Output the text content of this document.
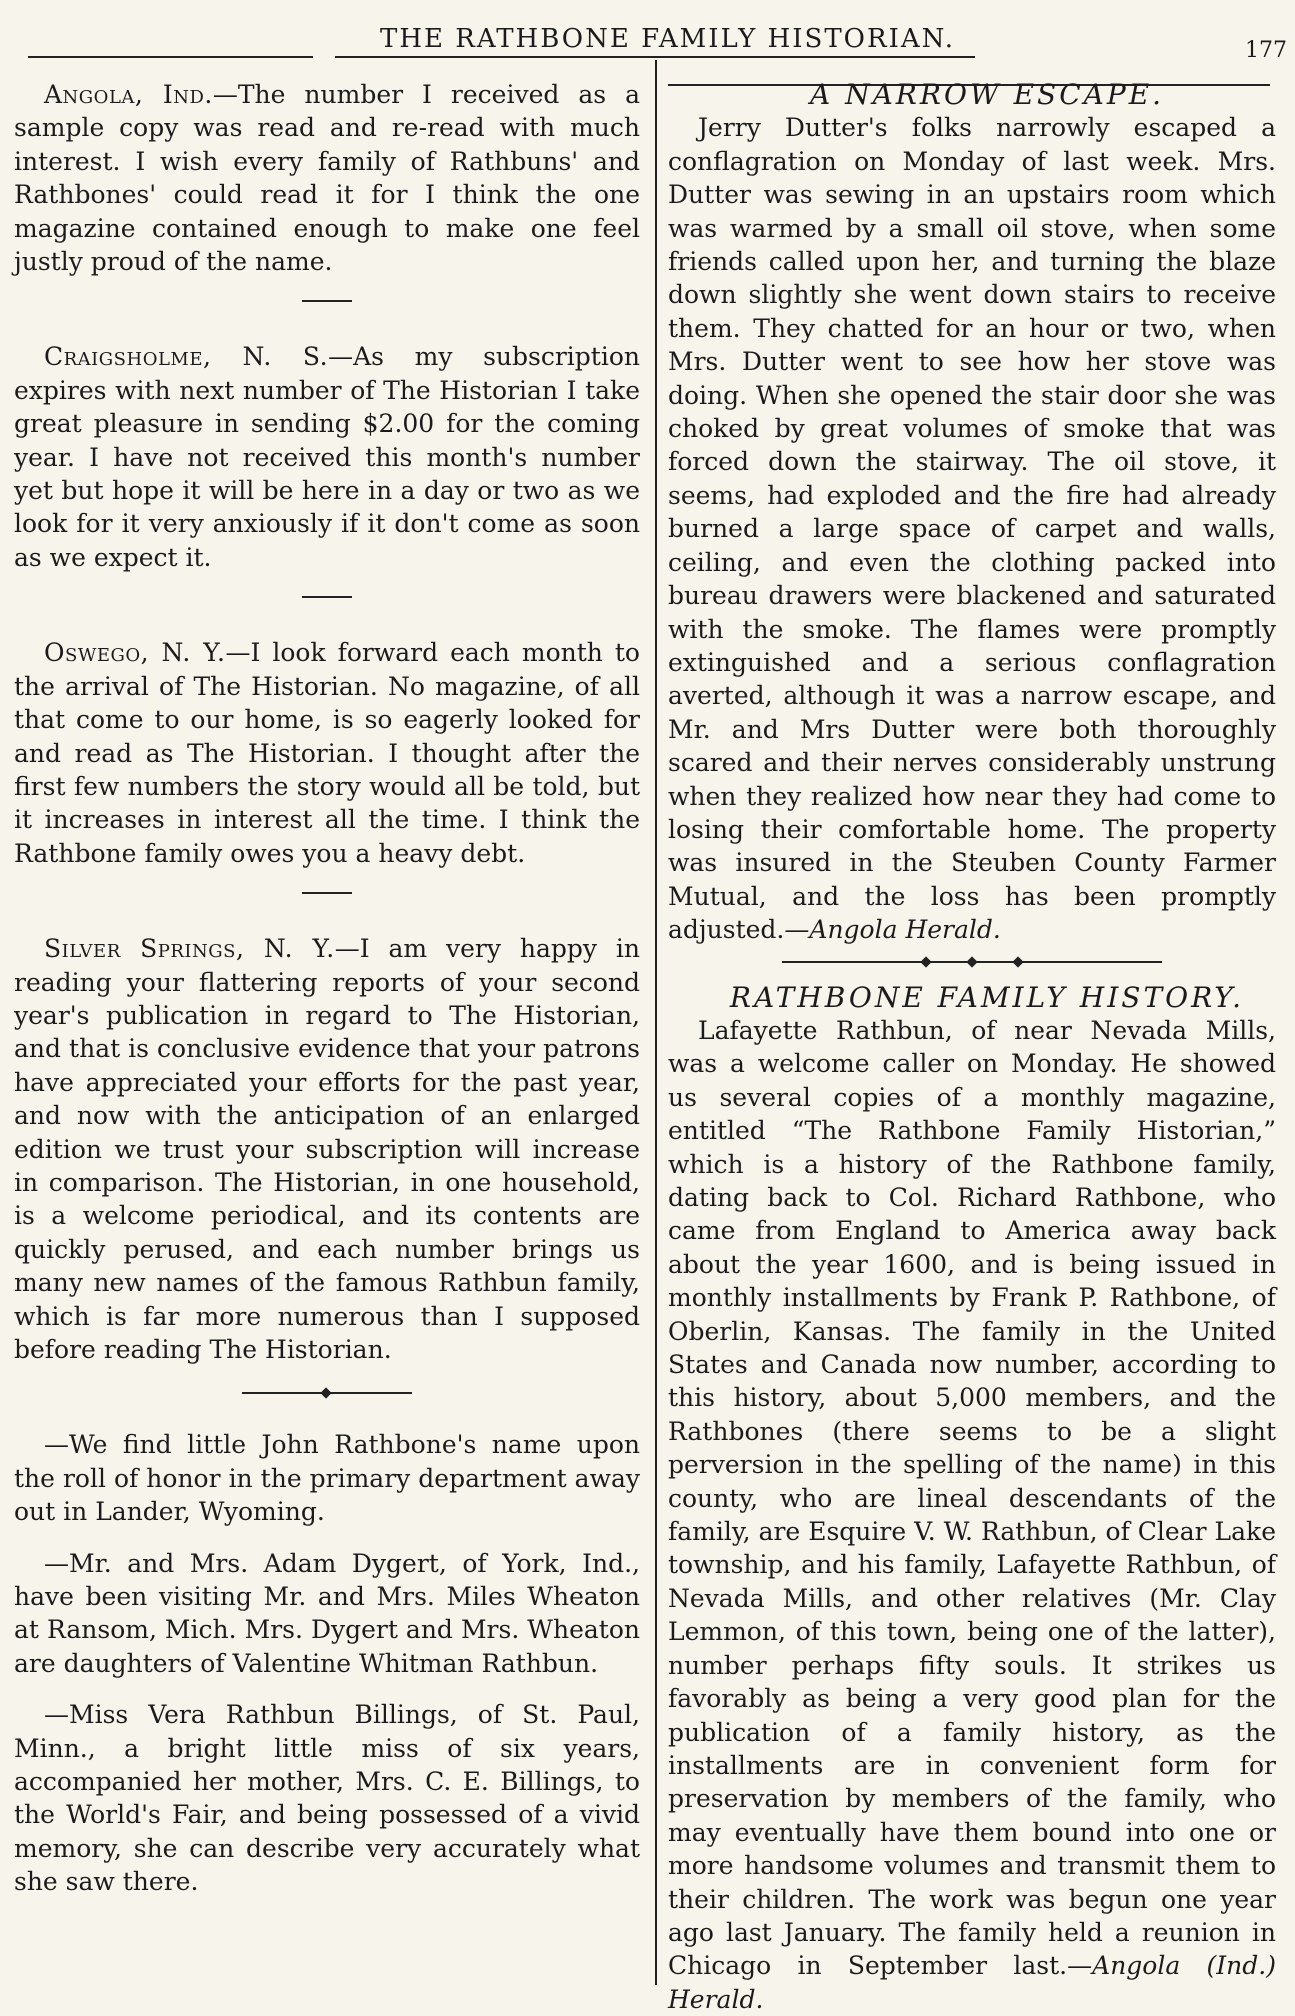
THE RATHBONE FAMILY HISTORIAN.	177

Angola, Ind.—The number I received as a sample copy was read and re-read with much interest. I wish every family of Rathbuns' and Rathbones' could read it for I think the one magazine contained enough to make one feel justly proud of the name.

Craigsholme, N. S.—As my subscription expires with next number of The Historian I take great pleasure in sending $2.00 for the coming year. I have not received this month's number yet but hope it will be here in a day or two as we look for it very anxiously if it don't come as soon as we expect it.

Oswego, N. Y.—I look forward each month to the arrival of The Historian. No magazine, of all that come to our home, is so eagerly looked for and read as The Historian. I thought after the first few numbers the story would all be told, but it increases in interest all the time. I think the Rathbone family owes you a heavy debt.

Silver Springs, N. Y.—I am very happy in reading your flattering reports of your second year's publication in regard to The Historian, and that is conclusive evidence that your patrons have appreciated your efforts for the past year, and now with the anticipation of an enlarged edition we trust your subscription will increase in comparison. The Historian, in one household, is a welcome periodical, and its contents are quickly perused, and each number brings us many new names of the famous Rathbun family, which is far more numerous than I supposed before reading The Historian.

—We find little John Rathbone's name upon the roll of honor in the primary department away out in Lander, Wyoming.

—Mr. and Mrs. Adam Dygert, of York, Ind., have been visiting Mr. and Mrs. Miles Wheaton at Ransom, Mich. Mrs. Dygert and Mrs. Wheaton are daughters of Valentine Whitman Rathbun.

—Miss Vera Rathbun Billings, of St. Paul, Minn., a bright little miss of six years, accompanied her mother, Mrs. C. E. Billings, to the World's Fair, and being possessed of a vivid memory, she can describe very accurately what she saw there.

A NARROW ESCAPE.

Jerry Dutter's folks narrowly escaped a conflagration on Monday of last week. Mrs. Dutter was sewing in an upstairs room which was warmed by a small oil stove, when some friends called upon her, and turning the blaze down slightly she went down stairs to receive them. They chatted for an hour or two, when Mrs. Dutter went to see how her stove was doing. When she opened the stair door she was choked by great volumes of smoke that was forced down the stairway. The oil stove, it seems, had exploded and the fire had already burned a large space of carpet and walls, ceiling, and even the clothing packed into bureau drawers were blackened and saturated with the smoke. The flames were promptly extinguished and a serious conflagration averted, although it was a narrow escape, and Mr. and Mrs Dutter were both thoroughly scared and their nerves considerably unstrung when they realized how near they had come to losing their comfortable home. The property was insured in the Steuben County Farmer Mutual, and the loss has been promptly adjusted.—Angola Herald.

RATHBONE FAMILY HISTORY.

Lafayette Rathbun, of near Nevada Mills, was a welcome caller on Monday. He showed us several copies of a monthly magazine, entitled “The Rathbone Family Historian,” which is a history of the Rathbone family, dating back to Col. Richard Rathbone, who came from England to America away back about the year 1600, and is being issued in monthly installments by Frank P. Rathbone, of Oberlin, Kansas. The family in the United States and Canada now number, according to this history, about 5,000 members, and the Rathbones (there seems to be a slight perversion in the spelling of the name) in this county, who are lineal descendants of the family, are Esquire V. W. Rathbun, of Clear Lake township, and his family, Lafayette Rathbun, of Nevada Mills, and other relatives (Mr. Clay Lemmon, of this town, being one of the latter), number perhaps fifty souls. It strikes us favorably as being a very good plan for the publication of a family history, as the installments are in convenient form for preservation by members of the family, who may eventually have them bound into one or more handsome volumes and transmit them to their children. The work was begun one year ago last January. The family held a reunion in Chicago in September last.—Angola (Ind.) Herald.
